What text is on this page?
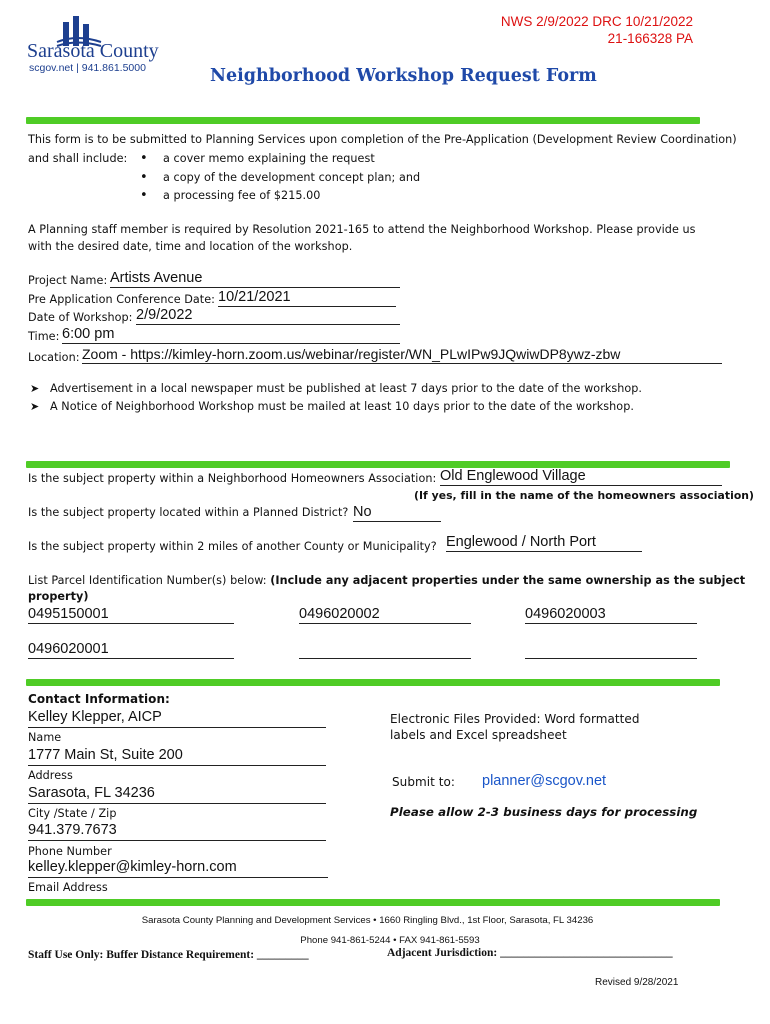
Sarasota County
scgov.net | 941.861.5000
NWS 2/9/2022 DRC 10/21/2022
21-166328 PA
Neighborhood Workshop Request Form
This form is to be submitted to Planning Services upon completion of the Pre-Application (Development Review Coordination)
and shall include:
•	a cover memo explaining the request
• a copy of the development concept plan; and
• a processing fee of $215.00
A Planning staff member is required by Resolution 2021-165 to attend the Neighborhood Workshop. Please provide us
with the desired date, time and location of the workshop.
Project Name: Artists Avenue
Pre Application Conference Date: 10/21/2021
Date of Workshop: 2/9/2022
Time: 6:00 pm
Location: Zoom - https://kimley-horn.zoom.us/webinar/register/WN_PLwIPw9JQwiwDP8ywz-zbw
➤ Advertisement in a local newspaper must be published at least 7 days prior to the date of the workshop.
➤ A Notice of Neighborhood Workshop must be mailed at least 10 days prior to the date of the workshop.
Is the subject property within a Neighborhood Homeowners Association: Old Englewood Village
(If yes, fill in the name of the homeowners association)
Is the subject property located within a Planned District? No
Is the subject property within 2 miles of another County or Municipality? Englewood / North Port
List Parcel Identification Number(s) below: (Include any adjacent properties under the same ownership as the subject
property)
0495150001	0496020002	0496020003
0496020001
Contact Information:
Kelley Klepper, AICP
Name
1777 Main St, Suite 200
Address
Sarasota, FL 34236
City /State / Zip
941.379.7673
Phone Number
kelley.klepper@kimley-horn.com
Email Address
Electronic Files Provided: Word formatted
labels and Excel spreadsheet
Submit to: planner@scgov.net
Please allow 2-3 business days for processing
Sarasota County Planning and Development Services • 1660 Ringling Blvd., 1st Floor, Sarasota, FL 34236
Phone 941-861-5244 • FAX 941-861-5593
Staff Use Only: Buffer Distance Requirement: _________	Adjacent Jurisdiction: ______________________________
Revised 9/28/2021
